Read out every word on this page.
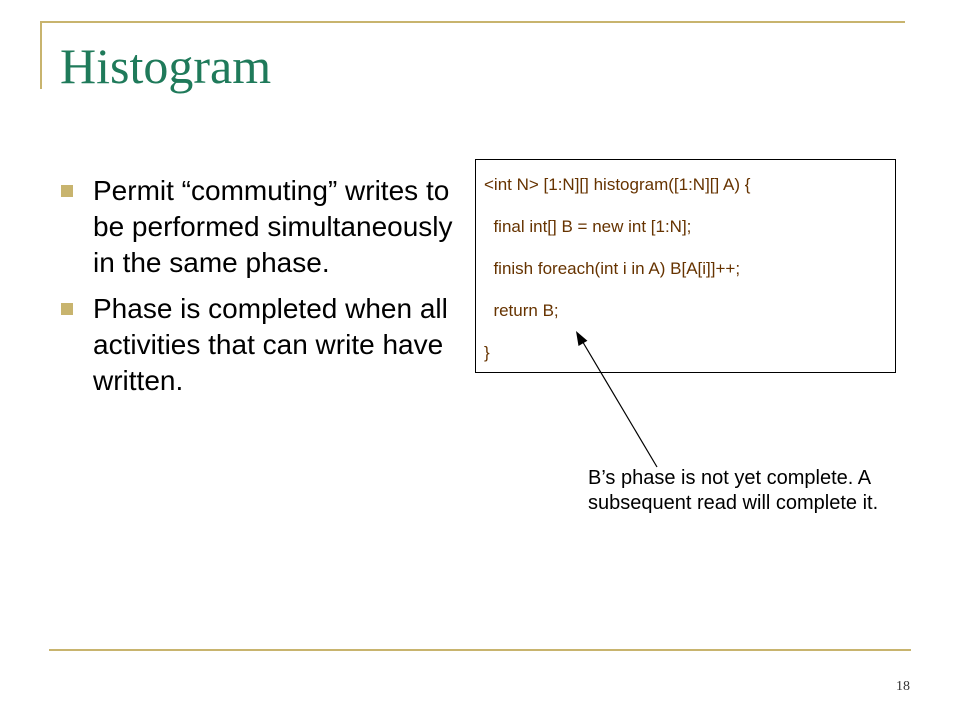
Histogram
Permit “commuting” writes to be performed simultaneously in the same phase.
Phase is completed when all activities that can write have written.
<int N> [1:N][] histogram([1:N][] A) {
final int[] B = new int [1:N];
finish foreach(int i in A) B[A[i]]++;
return B;
}
B’s phase is not yet complete. A subsequent read will complete it.
18
